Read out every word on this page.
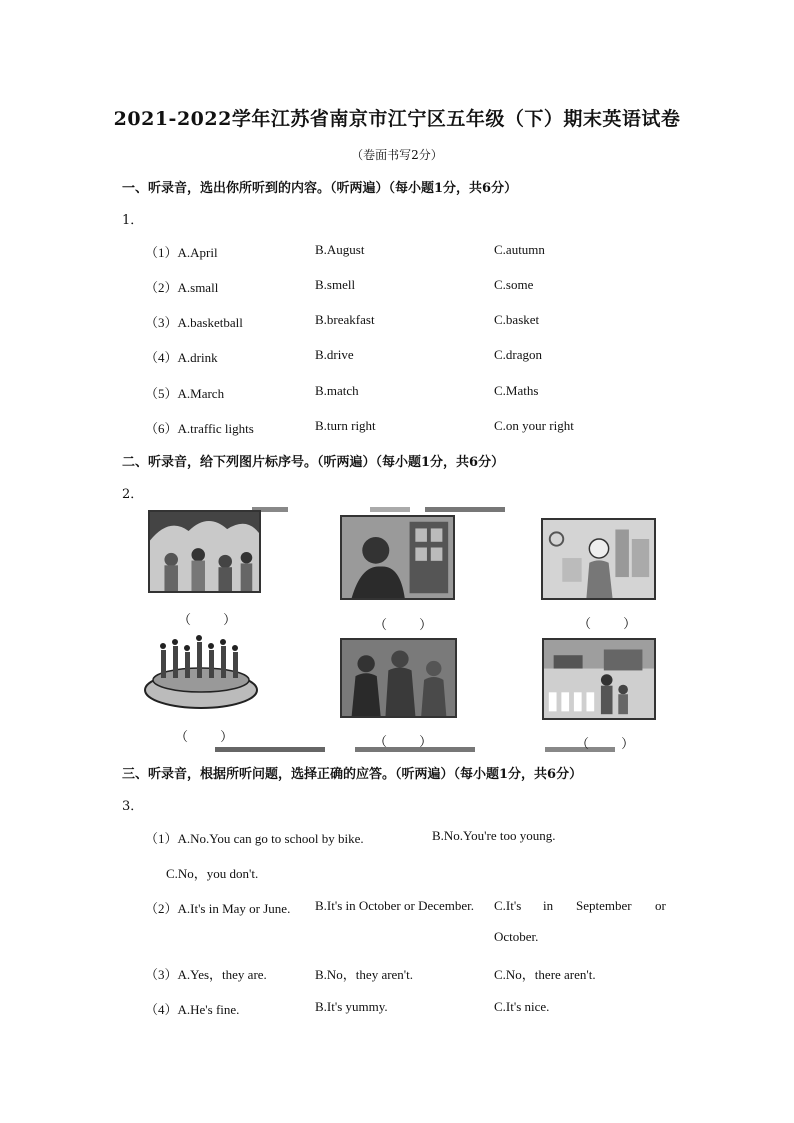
2021-2022学年江苏省南京市江宁区五年级（下）期末英语试卷
（卷面书写2分）
一、听录音，选出你所听到的内容。（听两遍）（每小题1分，共6分）
1．
（1）A.April	B.August	C.autumn
（2）A.small	B.smell	C.some
（3）A.basketball	B.breakfast	C.basket
（4）A.drink	B.drive	C.dragon
（5）A.March	B.match	C.Maths
（6）A.traffic lights	B.turn right	C.on your right
二、听录音，给下列图片标序号。（听两遍）（每小题1分，共6分）
2．
（ ）	（ ）	（ ）
（ ）	（ ）	（ ）
三、听录音，根据所听问题，选择正确的应答。（听两遍）（每小题1分，共6分）
3．
（1）A.No.You can go to school by bike.	B.No.You're too young.
C.No，you don't.
（2）A.It's in May or June. B.It's in October or December. C.It's in September or
October.
（3）A.Yes，they are.	B.No，they aren't.	C.No，there aren't.
（4）A.He's fine.	B.It's yummy.	C.It's nice.
